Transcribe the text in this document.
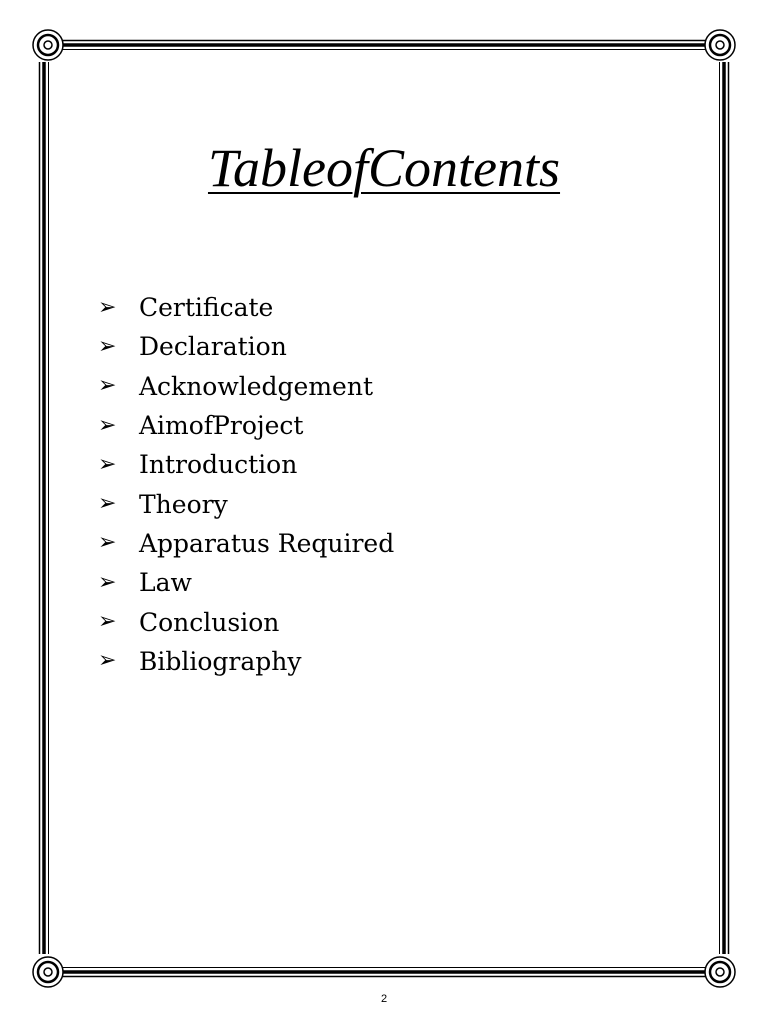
TableofContents
➢ Certificate
➢ Declaration
➢ Acknowledgement
➢ AimofProject
➢ Introduction
➢ Theory
➢ Apparatus Required
➢ Law
➢ Conclusion
➢ Bibliography
2
